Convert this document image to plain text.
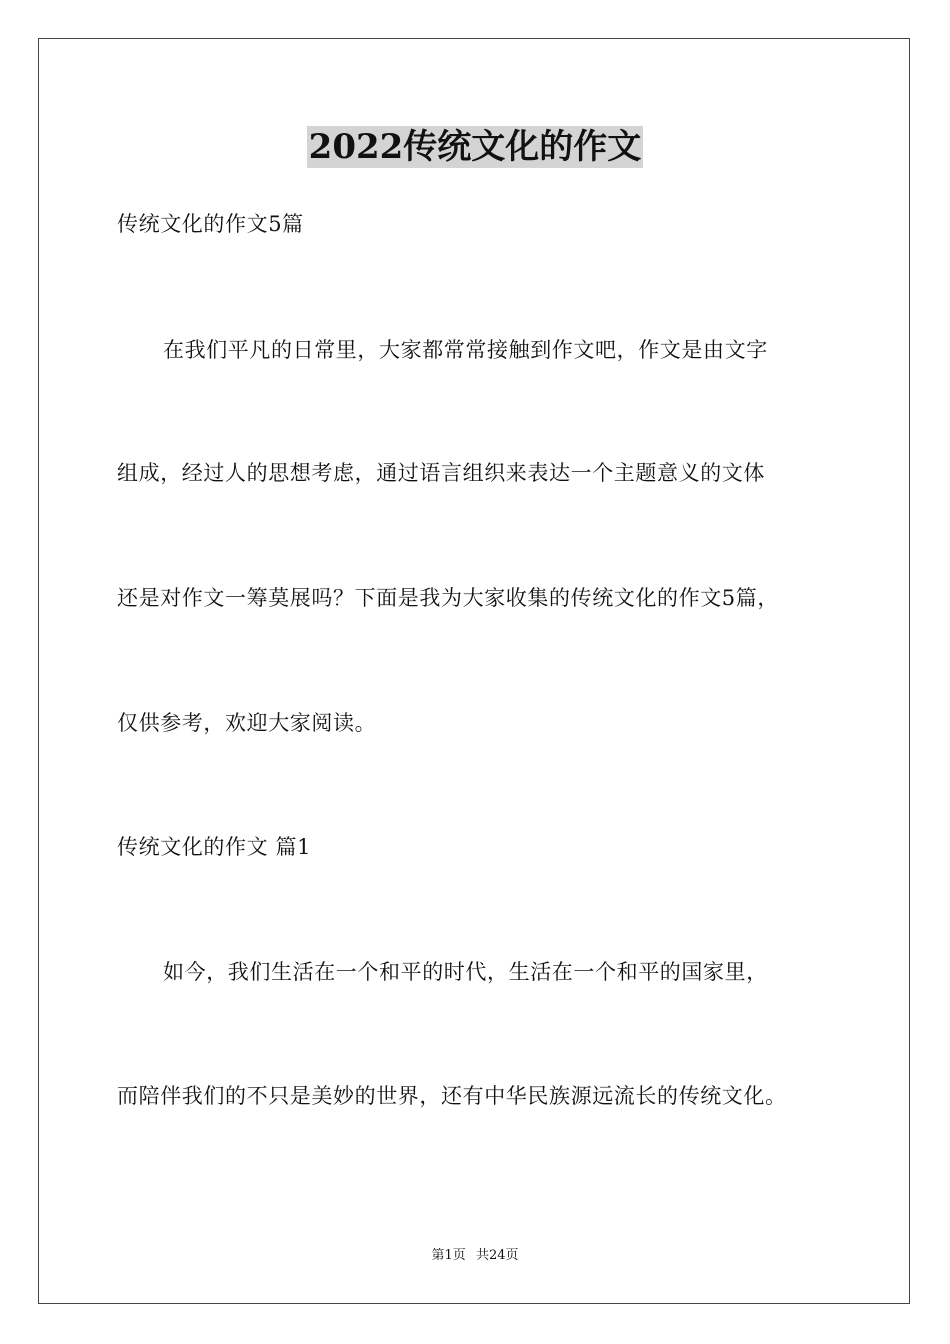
2022传统文化的作文
传统文化的作文5篇
在我们平凡的日常里，大家都常常接触到作文吧，作文是由文字
组成，经过人的思想考虑，通过语言组织来表达一个主题意义的文体
还是对作文一筹莫展吗？下面是我为大家收集的传统文化的作文5篇，
仅供参考，欢迎大家阅读。
传统文化的作文 篇1
如今，我们生活在一个和平的时代，生活在一个和平的国家里，
而陪伴我们的不只是美妙的世界，还有中华民族源远流长的传统文化。
第1页 共24页
